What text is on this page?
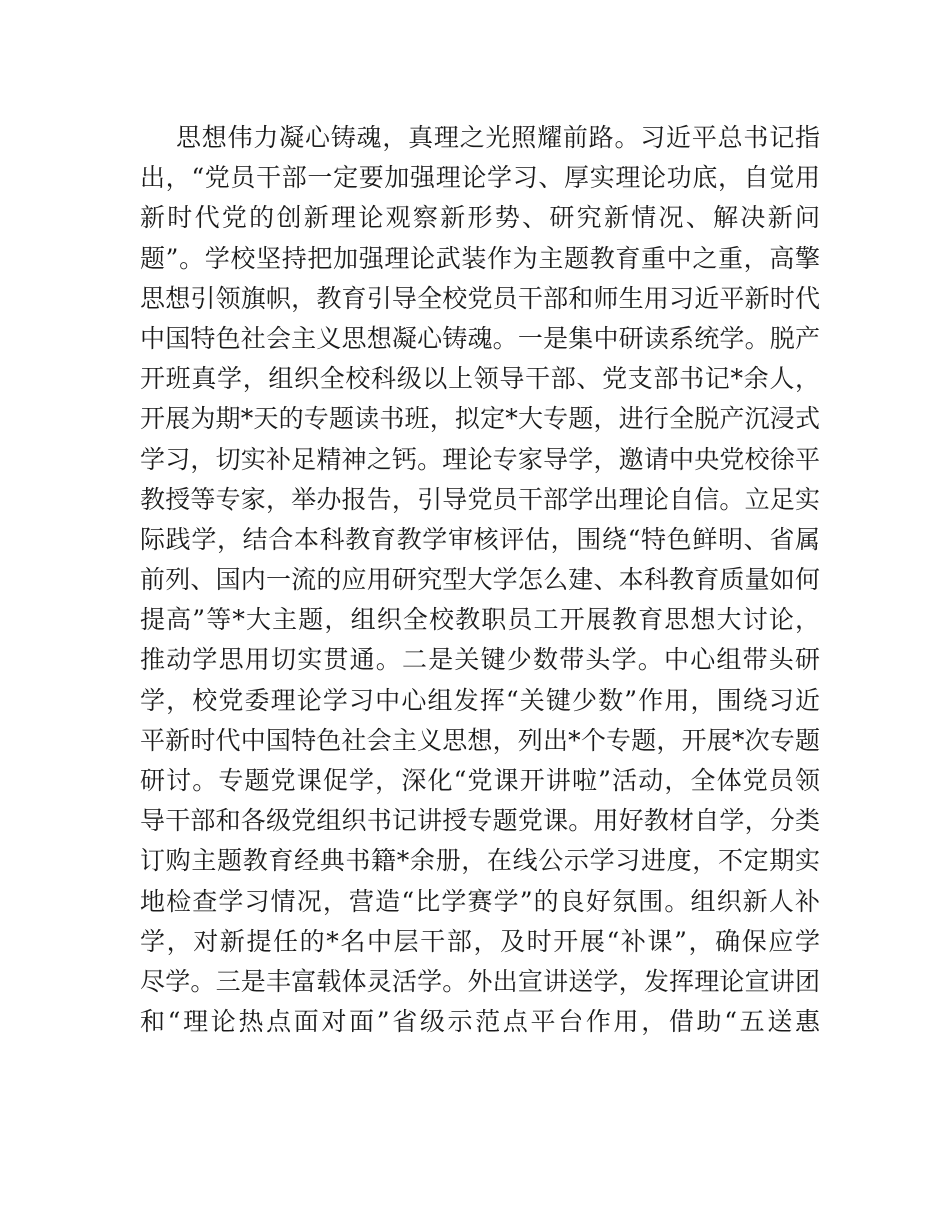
思想伟力凝心铸魂，真理之光照耀前路。习近平总书记指
出，“党员干部一定要加强理论学习、厚实理论功底，自觉用
新时代党的创新理论观察新形势、研究新情况、解决新问
题”。学校坚持把加强理论武装作为主题教育重中之重，高擎
思想引领旗帜，教育引导全校党员干部和师生用习近平新时代
中国特色社会主义思想凝心铸魂。一是集中研读系统学。脱产
开班真学，组织全校科级以上领导干部、党支部书记*余人，
开展为期*天的专题读书班，拟定*大专题，进行全脱产沉浸式
学习，切实补足精神之钙。理论专家导学，邀请中央党校徐平
教授等专家，举办报告，引导党员干部学出理论自信。立足实
际践学，结合本科教育教学审核评估，围绕“特色鲜明、省属
前列、国内一流的应用研究型大学怎么建、本科教育质量如何
提高”等*大主题，组织全校教职员工开展教育思想大讨论，
推动学思用切实贯通。二是关键少数带头学。中心组带头研
学，校党委理论学习中心组发挥“关键少数”作用，围绕习近
平新时代中国特色社会主义思想，列出*个专题，开展*次专题
研讨。专题党课促学，深化“党课开讲啦”活动，全体党员领
导干部和各级党组织书记讲授专题党课。用好教材自学，分类
订购主题教育经典书籍*余册，在线公示学习进度，不定期实
地检查学习情况，营造“比学赛学”的良好氛围。组织新人补
学，对新提任的*名中层干部，及时开展“补课”，确保应学
尽学。三是丰富载体灵活学。外出宣讲送学，发挥理论宣讲团
和“理论热点面对面”省级示范点平台作用，借助“五送惠
